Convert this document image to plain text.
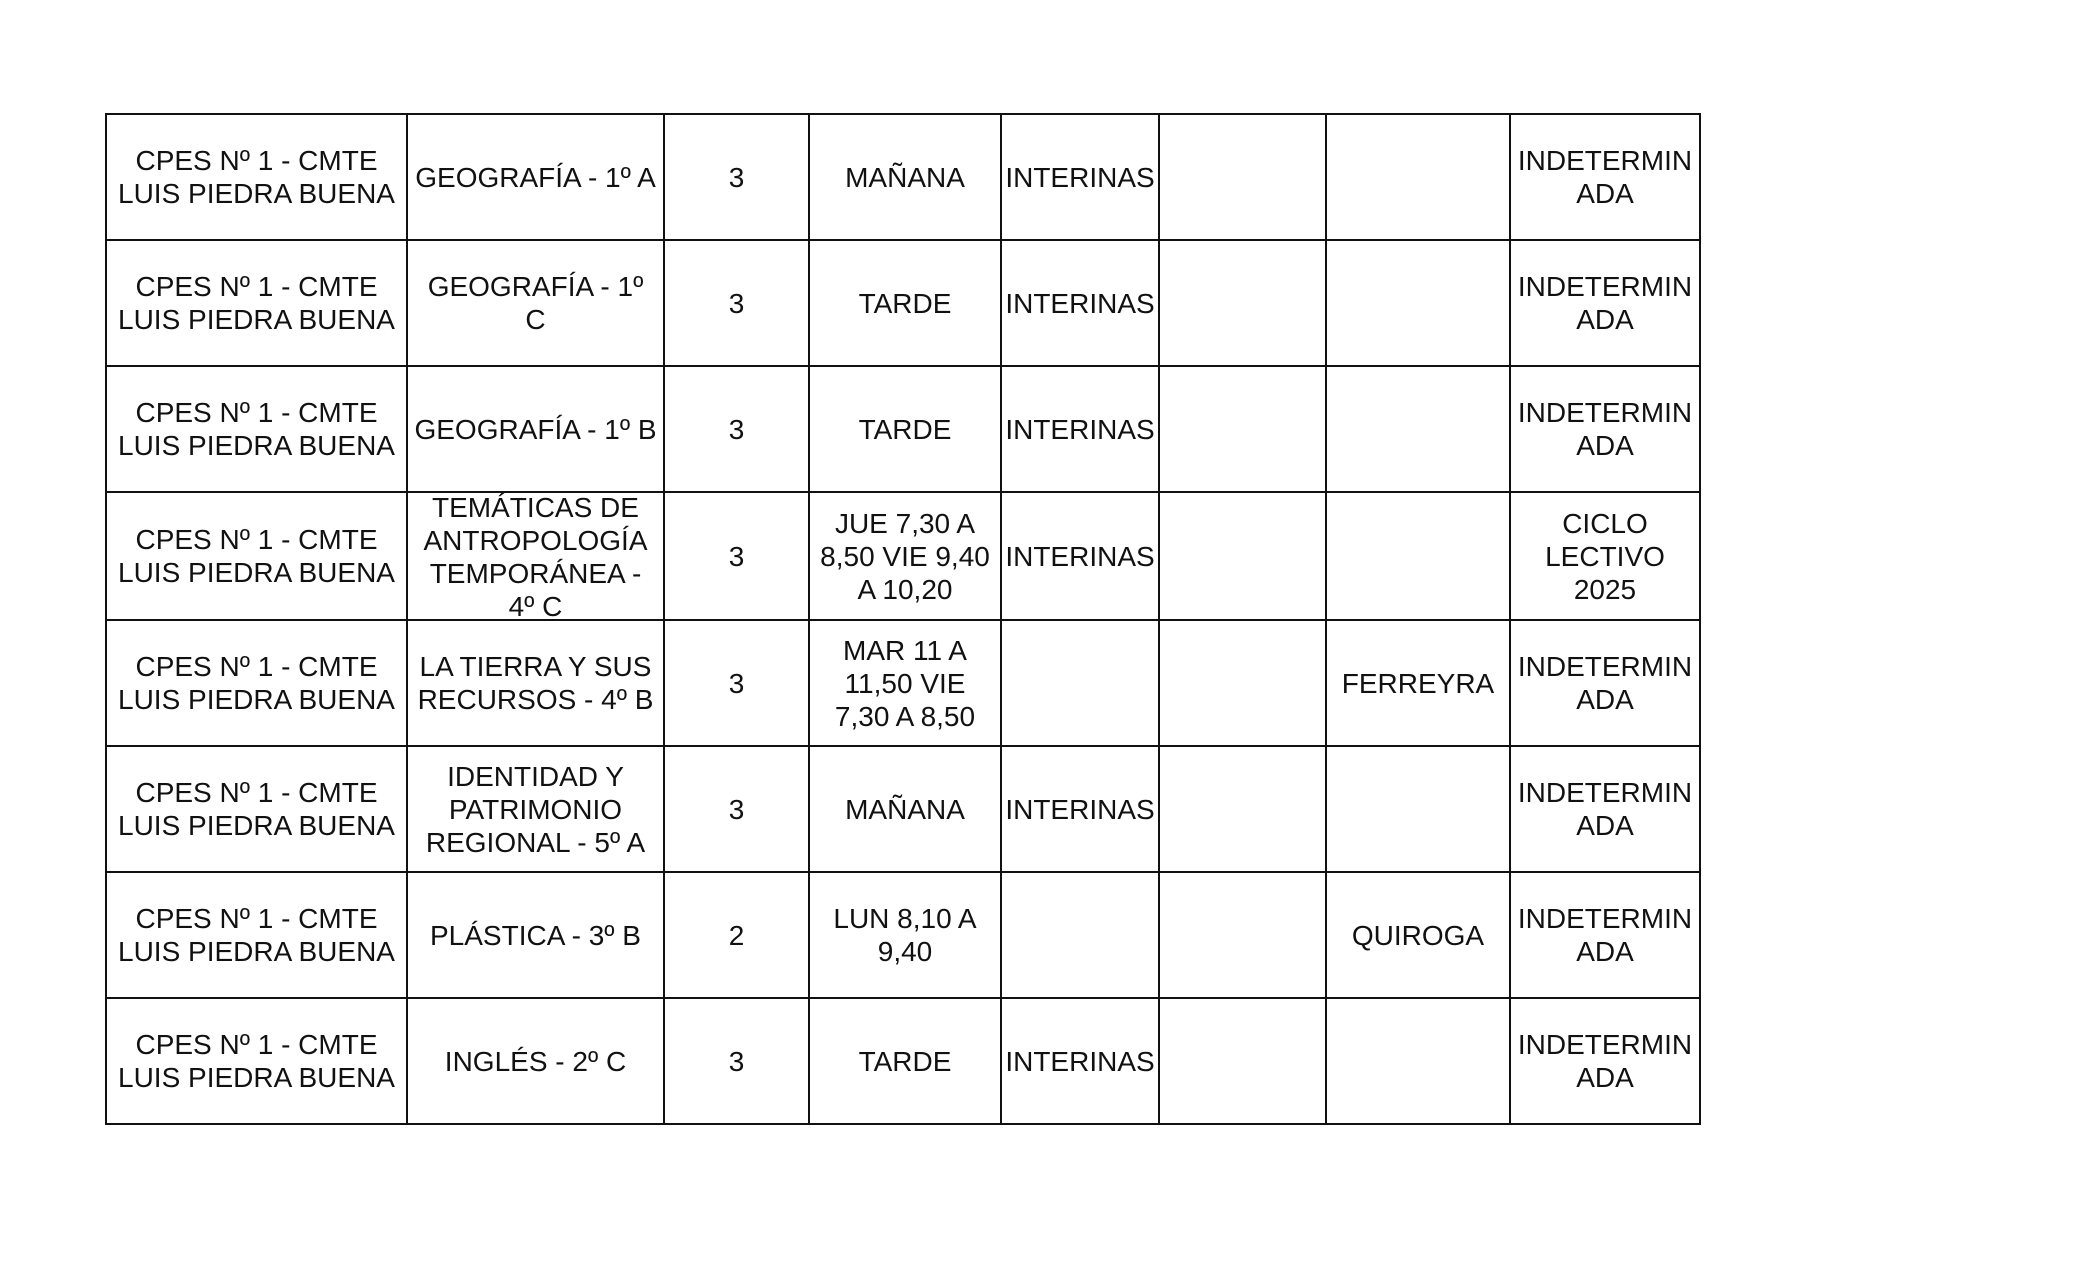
CPES Nº 1 - CMTE LUIS PIEDRA BUENA	GEOGRAFÍA - 1º A	3	MAÑANA	INTERINAS			INDETERMIN ADA
CPES Nº 1 - CMTE LUIS PIEDRA BUENA	GEOGRAFÍA - 1º C	3	TARDE	INTERINAS			INDETERMIN ADA
CPES Nº 1 - CMTE LUIS PIEDRA BUENA	GEOGRAFÍA - 1º B	3	TARDE	INTERINAS			INDETERMIN ADA
CPES Nº 1 - CMTE LUIS PIEDRA BUENA	TEMÁTICAS DE ANTROPOLOGÍA TEMPORÁNEA - 4º C	3	JUE 7,30 A 8,50 VIE 9,40 A 10,20	INTERINAS			CICLO LECTIVO 2025
CPES Nº 1 - CMTE LUIS PIEDRA BUENA	LA TIERRA Y SUS RECURSOS - 4º B	3	MAR 11 A 11,50 VIE 7,30 A 8,50			FERREYRA	INDETERMIN ADA
CPES Nº 1 - CMTE LUIS PIEDRA BUENA	IDENTIDAD Y PATRIMONIO REGIONAL - 5º A	3	MAÑANA	INTERINAS			INDETERMIN ADA
CPES Nº 1 - CMTE LUIS PIEDRA BUENA	PLÁSTICA - 3º B	2	LUN 8,10 A 9,40			QUIROGA	INDETERMIN ADA
CPES Nº 1 - CMTE LUIS PIEDRA BUENA	INGLÉS - 2º C	3	TARDE	INTERINAS			INDETERMIN ADA
